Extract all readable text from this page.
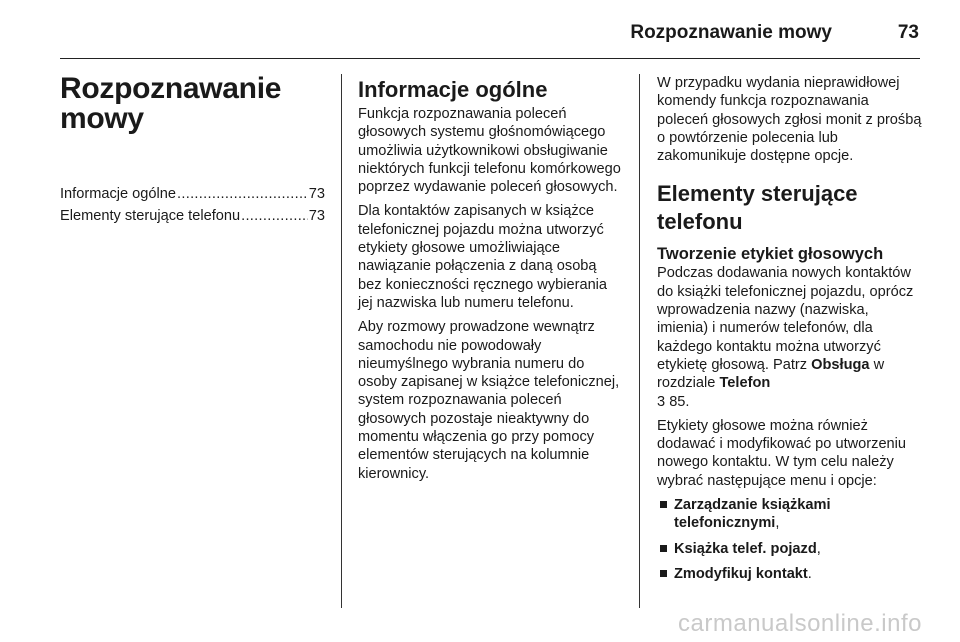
Rozpoznawanie mowy	73
Rozpoznawanie mowy
Informacje ogólne .....	73
Elementy sterujące telefonu .....	73
Informacje ogólne

Funkcja rozpoznawania poleceń głosowych systemu głośnomówiącego umożliwia użytkownikowi obsługiwanie niektórych funkcji telefonu komórkowego poprzez wydawanie poleceń głosowych.

Dla kontaktów zapisanych w książce telefonicznej pojazdu można utworzyć etykiety głosowe umożliwiające nawiązanie połączenia z daną osobą bez konieczności ręcznego wybierania jej nazwiska lub numeru telefonu.

Aby rozmowy prowadzone wewnątrz samochodu nie powodowały nieumyślnego wybrania numeru do osoby zapisanej w książce telefonicznej, system rozpoznawania poleceń głosowych pozostaje nieaktywny do momentu włączenia go przy pomocy elementów sterujących na kolumnie kierownicy.

W przypadku wydania nieprawidłowej komendy funkcja rozpoznawania poleceń głosowych zgłosi monit z prośbą o powtórzenie polecenia lub zakomunikuje dostępne opcje.

Elementy sterujące telefonu
Tworzenie etykiet głosowych

Podczas dodawania nowych kontaktów do książki telefonicznej pojazdu, oprócz wprowadzenia nazwy (nazwiska, imienia) i numerów telefonów, dla każdego kontaktu można utworzyć etykietę głosową. Patrz Obsługa w rozdziale Telefon
3 85.

Etykiety głosowe można również dodawać i modyfikować po utworzeniu nowego kontaktu. W tym celu należy wybrać następujące menu i opcje:

Zarządzanie książkami telefonicznymi,
Książka telef. pojazd,
Zmodyfikuj kontakt.
carmanualsonline.info
